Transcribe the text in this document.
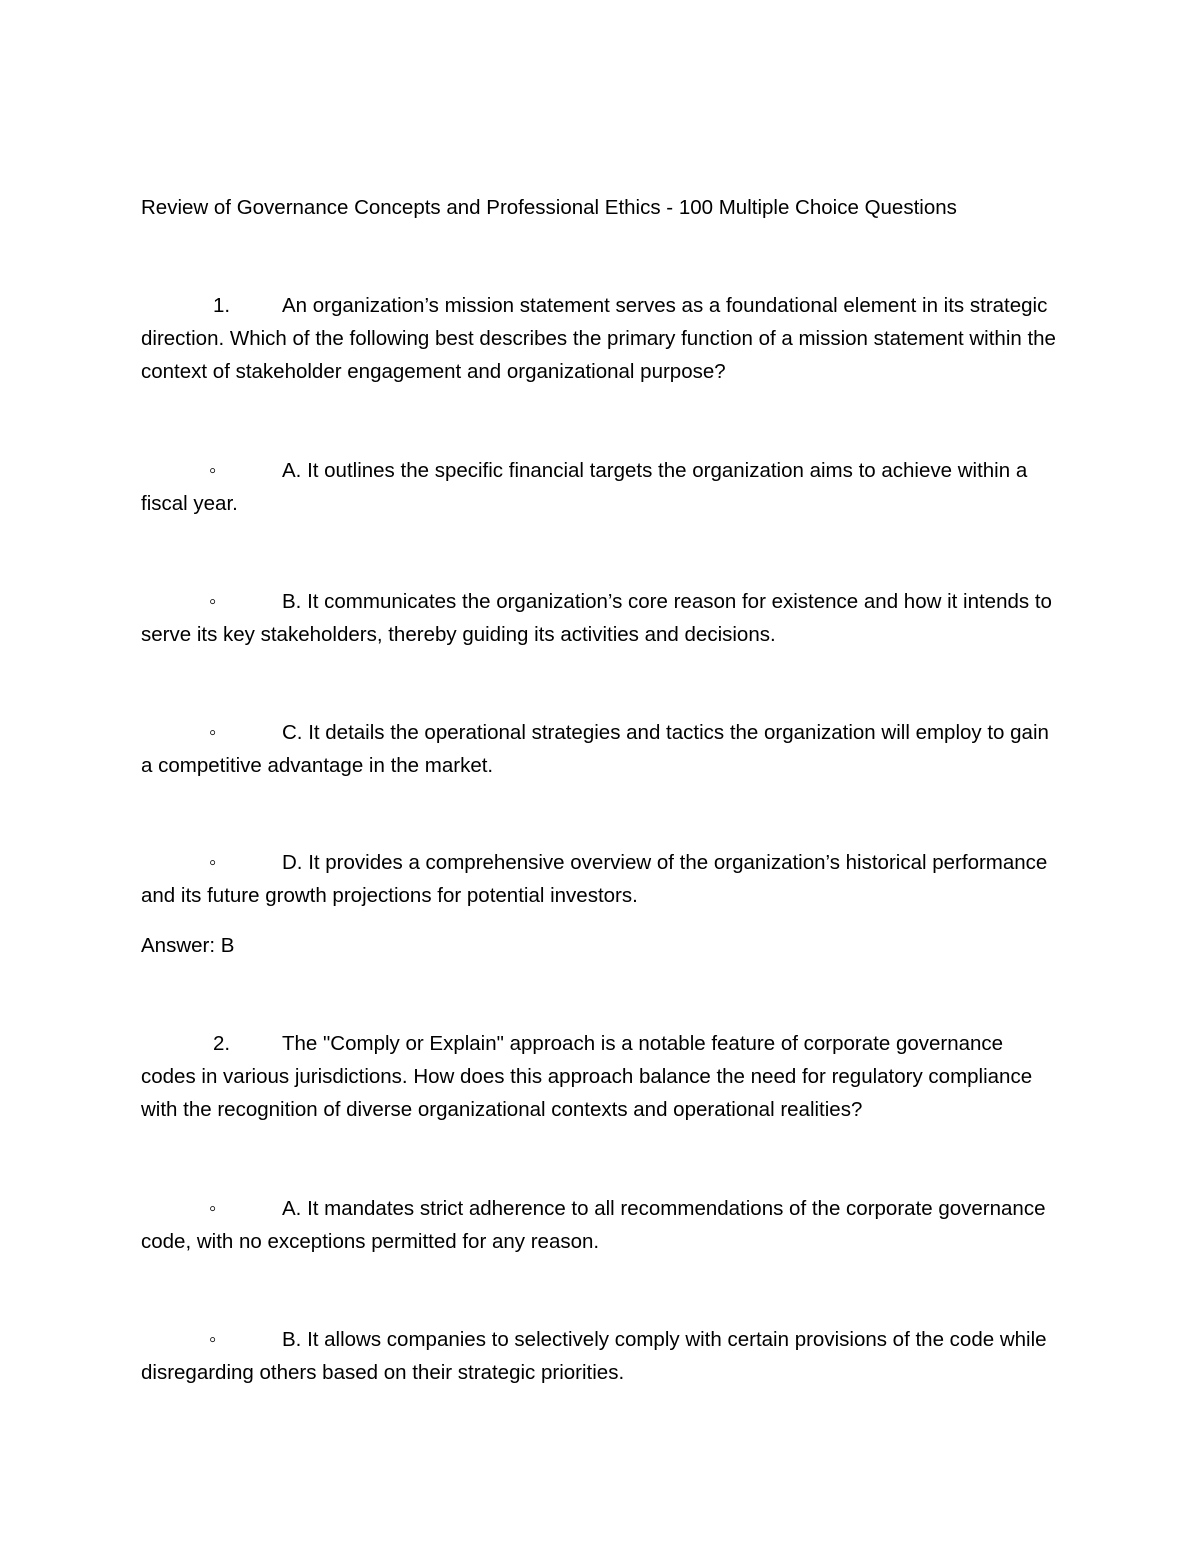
Review of Governance Concepts and Professional Ethics - 100 Multiple Choice Questions

1.	An organization’s mission statement serves as a foundational element in its strategic direction. Which of the following best describes the primary function of a mission statement within the context of stakeholder engagement and organizational purpose?

◦	A. It outlines the specific financial targets the organization aims to achieve within a fiscal year.

◦	B. It communicates the organization’s core reason for existence and how it intends to serve its key stakeholders, thereby guiding its activities and decisions.

◦	C. It details the operational strategies and tactics the organization will employ to gain a competitive advantage in the market.

◦	D. It provides a comprehensive overview of the organization’s historical performance and its future growth projections for potential investors.

Answer: B

2.	The "Comply or Explain" approach is a notable feature of corporate governance codes in various jurisdictions. How does this approach balance the need for regulatory compliance with the recognition of diverse organizational contexts and operational realities?

◦	A. It mandates strict adherence to all recommendations of the corporate governance code, with no exceptions permitted for any reason.

◦	B. It allows companies to selectively comply with certain provisions of the code while disregarding others based on their strategic priorities.
